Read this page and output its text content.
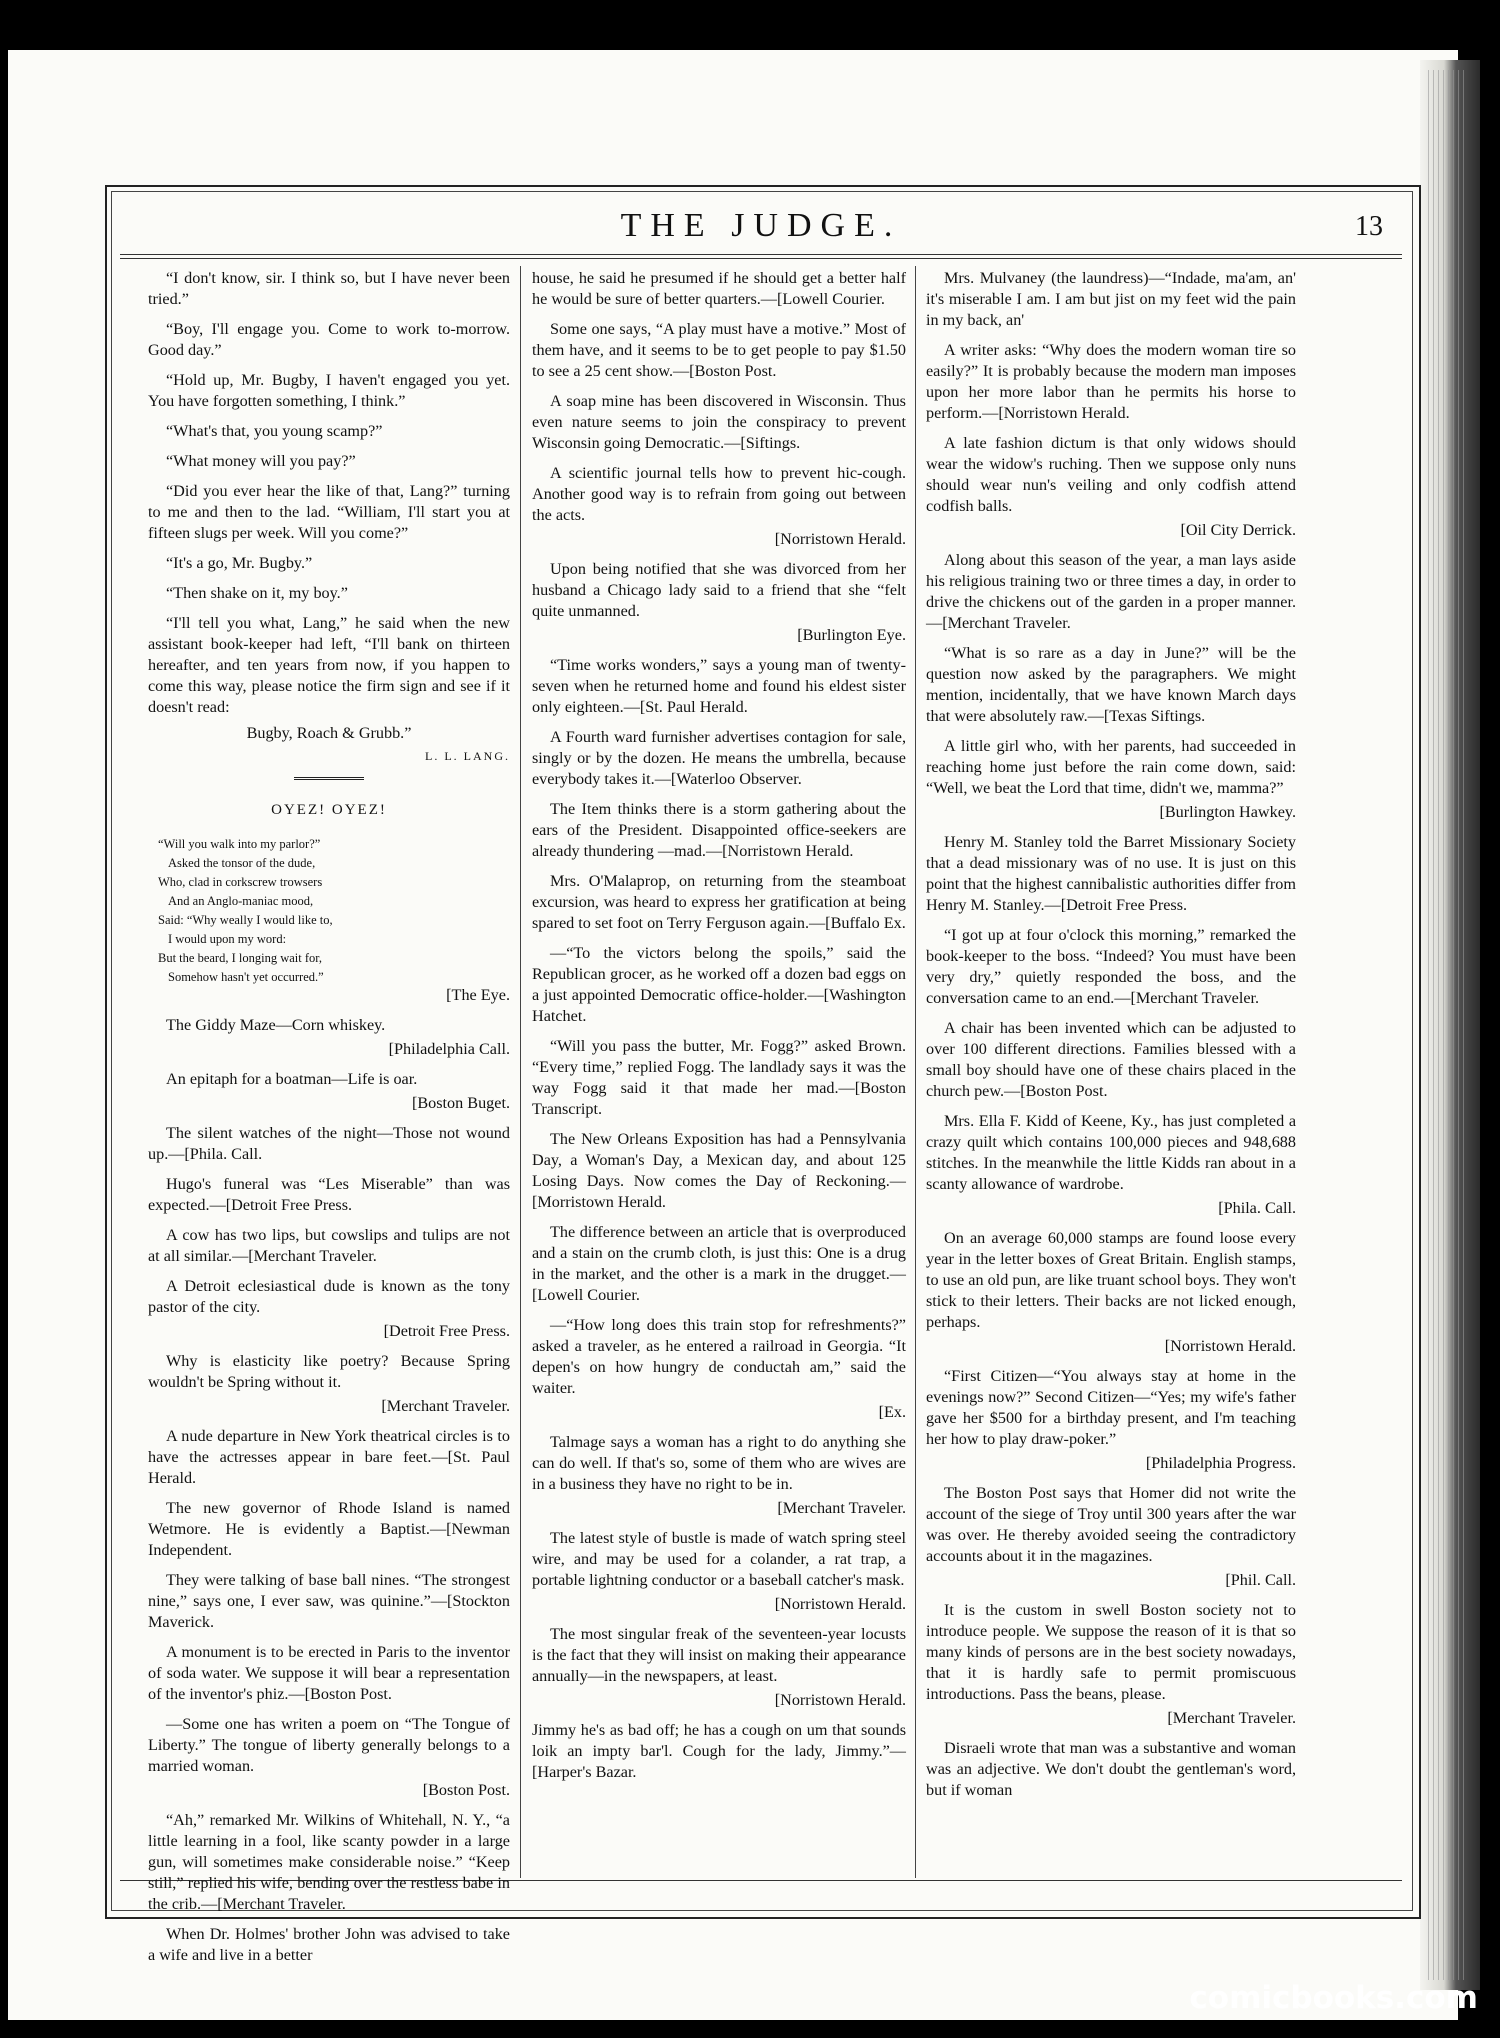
THE JUDGE.	13

“I don't know, sir. I think so, but I have never been tried.”

“Boy, I'll engage you. Come to work to-morrow. Good day.”

“Hold up, Mr. Bugby, I haven't engaged you yet. You have forgotten something, I think.”

“What's that, you young scamp?”

“What money will you pay?”

“Did you ever hear the like of that, Lang?” turning to me and then to the lad. “William, I'll start you at fifteen slugs per week. Will you come?”

“It's a go, Mr. Bugby.”

“Then shake on it, my boy.”

“I'll tell you what, Lang,” he said when the new assistant book-keeper had left, “I'll bank on thirteen hereafter, and ten years from now, if you happen to come this way, please notice the firm sign and see if it doesn't read:

Bugby, Roach & Grubb.”
L. L. LANG.
OYEZ! OYEZ!
“Will you walk into my parlor?”
Asked the tonsor of the dude,
Who, clad in corkscrew trowsers
And an Anglo-maniac mood,
Said: “Why weally I would like to,
I would upon my word:
But the beard, I longing wait for,
Somehow hasn't yet occurred.”
[The Eye.

The Giddy Maze—Corn whiskey.

[Philadelphia Call.

An epitaph for a boatman—Life is oar.

[Boston Buget.

The silent watches of the night—Those not wound up.—[Phila. Call.

Hugo's funeral was “Les Miserable” than was expected.—[Detroit Free Press.

A cow has two lips, but cowslips and tulips are not at all similar.—[Merchant Traveler.

A Detroit eclesiastical dude is known as the tony pastor of the city.

[Detroit Free Press.

Why is elasticity like poetry? Because Spring wouldn't be Spring without it.

[Merchant Traveler.

A nude departure in New York theatrical circles is to have the actresses appear in bare feet.—[St. Paul Herald.

The new governor of Rhode Island is named Wetmore. He is evidently a Baptist.—[Newman Independent.

They were talking of base ball nines. “The strongest nine,” says one, I ever saw, was quinine.”—[Stockton Maverick.

A monument is to be erected in Paris to the inventor of soda water. We suppose it will bear a representation of the inventor's phiz.—[Boston Post.

—Some one has writen a poem on “The Tongue of Liberty.” The tongue of liberty generally belongs to a married woman.

[Boston Post.

“Ah,” remarked Mr. Wilkins of Whitehall, N. Y., “a little learning in a fool, like scanty powder in a large gun, will sometimes make considerable noise.” “Keep still,” replied his wife, bending over the restless babe in the crib.—[Merchant Traveler.

When Dr. Holmes' brother John was advised to take a wife and live in a better

house, he said he presumed if he should get a better half he would be sure of better quarters.—[Lowell Courier.

Some one says, “A play must have a motive.” Most of them have, and it seems to be to get people to pay $1.50 to see a 25 cent show.—[Boston Post.

A soap mine has been discovered in Wisconsin. Thus even nature seems to join the conspiracy to prevent Wisconsin going Democratic.—[Siftings.

A scientific journal tells how to prevent hic-cough. Another good way is to refrain from going out between the acts.

[Norristown Herald.

Upon being notified that she was divorced from her husband a Chicago lady said to a friend that she “felt quite unmanned.

[Burlington Eye.

“Time works wonders,” says a young man of twenty-seven when he returned home and found his eldest sister only eighteen.—[St. Paul Herald.

A Fourth ward furnisher advertises contagion for sale, singly or by the dozen. He means the umbrella, because everybody takes it.—[Waterloo Observer.

The Item thinks there is a storm gathering about the ears of the President. Disappointed office-seekers are already thundering —mad.—[Norristown Herald.

Mrs. O'Malaprop, on returning from the steamboat excursion, was heard to express her gratification at being spared to set foot on Terry Ferguson again.—[Buffalo Ex.

—“To the victors belong the spoils,” said the Republican grocer, as he worked off a dozen bad eggs on a just appointed Democratic office-holder.—[Washington Hatchet.

“Will you pass the butter, Mr. Fogg?” asked Brown. “Every time,” replied Fogg. The landlady says it was the way Fogg said it that made her mad.—[Boston Transcript.

The New Orleans Exposition has had a Pennsylvania Day, a Woman's Day, a Mexican day, and about 125 Losing Days. Now comes the Day of Reckoning.—[Morristown Herald.

The difference between an article that is overproduced and a stain on the crumb cloth, is just this: One is a drug in the market, and the other is a mark in the drugget.—[Lowell Courier.

—“How long does this train stop for refreshments?” asked a traveler, as he entered a railroad in Georgia. “It depen's on how hungry de conductah am,” said the waiter.

[Ex.

Talmage says a woman has a right to do anything she can do well. If that's so, some of them who are wives are in a business they have no right to be in.

[Merchant Traveler.

The latest style of bustle is made of watch spring steel wire, and may be used for a colander, a rat trap, a portable lightning conductor or a baseball catcher's mask.

[Norristown Herald.

The most singular freak of the seventeen-year locusts is the fact that they will insist on making their appearance annually—in the newspapers, at least.

[Norristown Herald.

Jimmy he's as bad off; he has a cough on um that sounds loik an impty bar'l. Cough for the lady, Jimmy.”—[Harper's Bazar.

Mrs. Mulvaney (the laundress)—“Indade, ma'am, an' it's miserable I am. I am but jist on my feet wid the pain in my back, an'

A writer asks: “Why does the modern woman tire so easily?” It is probably because the modern man imposes upon her more labor than he permits his horse to perform.—[Norristown Herald.

A late fashion dictum is that only widows should wear the widow's ruching. Then we suppose only nuns should wear nun's veiling and only codfish attend codfish balls.

[Oil City Derrick.

Along about this season of the year, a man lays aside his religious training two or three times a day, in order to drive the chickens out of the garden in a proper manner.—[Merchant Traveler.

“What is so rare as a day in June?” will be the question now asked by the paragraphers. We might mention, incidentally, that we have known March days that were absolutely raw.—[Texas Siftings.

A little girl who, with her parents, had succeeded in reaching home just before the rain come down, said: “Well, we beat the Lord that time, didn't we, mamma?”

[Burlington Hawkey.

Henry M. Stanley told the Barret Missionary Society that a dead missionary was of no use. It is just on this point that the highest cannibalistic authorities differ from Henry M. Stanley.—[Detroit Free Press.

“I got up at four o'clock this morning,” remarked the book-keeper to the boss. “Indeed? You must have been very dry,” quietly responded the boss, and the conversation came to an end.—[Merchant Traveler.

A chair has been invented which can be adjusted to over 100 different directions. Families blessed with a small boy should have one of these chairs placed in the church pew.—[Boston Post.

Mrs. Ella F. Kidd of Keene, Ky., has just completed a crazy quilt which contains 100,000 pieces and 948,688 stitches. In the meanwhile the little Kidds ran about in a scanty allowance of wardrobe.

[Phila. Call.

On an average 60,000 stamps are found loose every year in the letter boxes of Great Britain. English stamps, to use an old pun, are like truant school boys. They won't stick to their letters. Their backs are not licked enough, perhaps.

[Norristown Herald.

“First Citizen—“You always stay at home in the evenings now?” Second Citizen—“Yes; my wife's father gave her $500 for a birthday present, and I'm teaching her how to play draw-poker.”

[Philadelphia Progress.

The Boston Post says that Homer did not write the account of the siege of Troy until 300 years after the war was over. He thereby avoided seeing the contradictory accounts about it in the magazines.

[Phil. Call.

It is the custom in swell Boston society not to introduce people. We suppose the reason of it is that so many kinds of persons are in the best society nowadays, that it is hardly safe to permit promiscuous introductions. Pass the beans, please.

[Merchant Traveler.

Disraeli wrote that man was a substantive and woman was an adjective. We don't doubt the gentleman's word, but if woman

comicbooks.com
